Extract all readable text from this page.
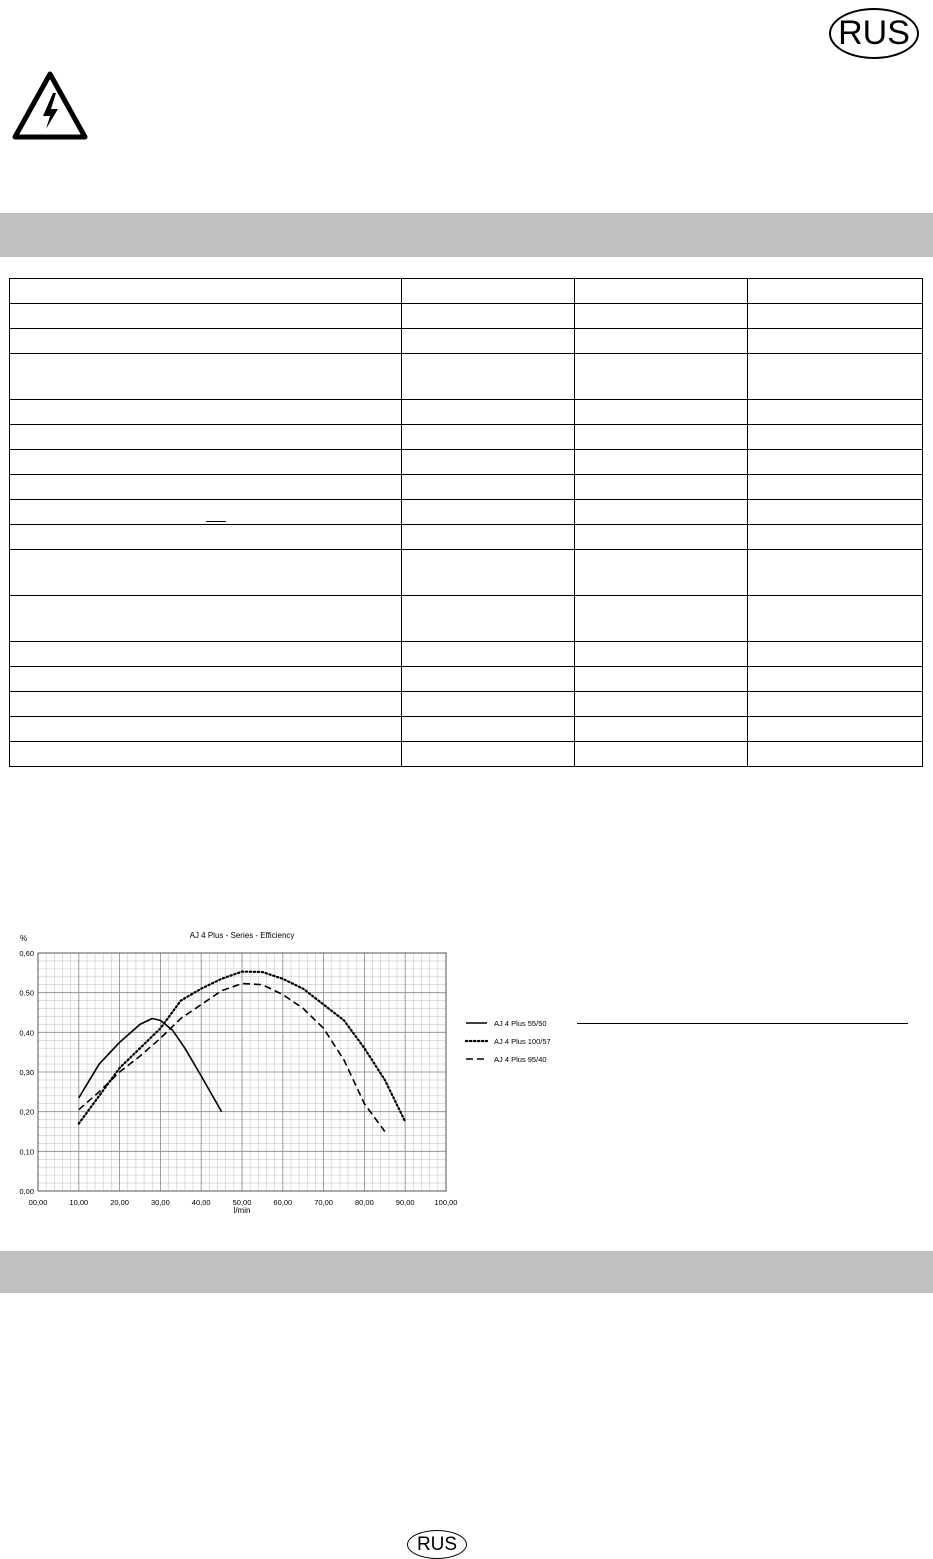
RUS

AJ 4 Plus - Series - Efficiency
%
l/min
00,00	10,00	20,00	30,00	40,00	50,00	60,00	70,00	80,00	90,00	100,00
0,00
0,10
0,20
0,30
0,40
0.50
0,60
AJ 4 Plus 55/50
AJ 4 Plus 100/57
AJ 4 Plus 95/40
RUS
